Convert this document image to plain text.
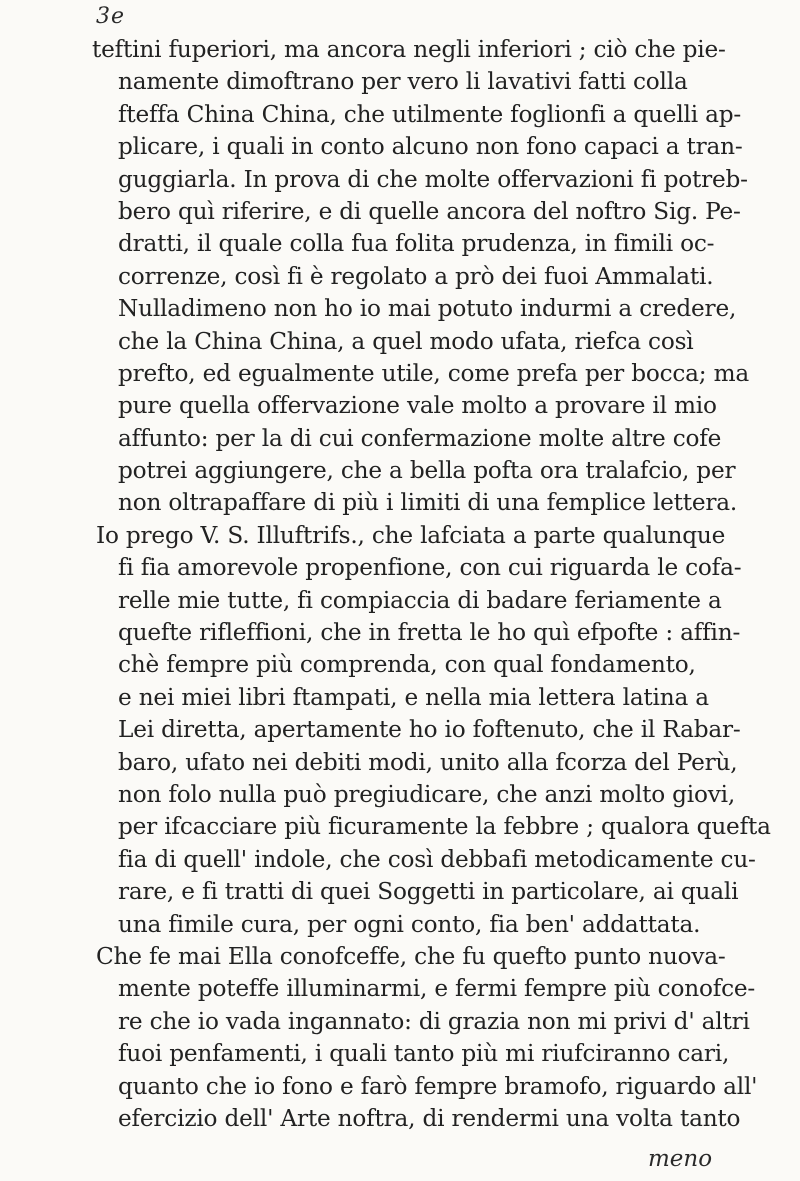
3e
teftini fuperiori, ma ancora negli inferiori ; ciò che pie-
namente dimoftrano per vero li lavativi fatti colla
fteffa China China, che utilmente foglionfi a quelli ap-
plicare, i quali in conto alcuno non fono capaci a tran-
guggiarla. In prova di che molte offervazioni fi potreb-
bero quì riferire, e di quelle ancora del noftro Sig. Pe-
dratti, il quale colla fua folita prudenza, in fimili oc-
correnze, così fi è regolato a prò dei fuoi Ammalati.
Nulladimeno non ho io mai potuto indurmi a credere,
che la China China, a quel modo ufata, riefca così
prefto, ed egualmente utile, come prefa per bocca; ma
pure quella offervazione vale molto a provare il mio
affunto: per la di cui confermazione molte altre cofe
potrei aggiungere, che a bella pofta ora tralafcio, per
non oltrapaffare di più i limiti di una femplice lettera.
Io prego V. S. Illuftrifs., che lafciata a parte qualunque
fi fia amorevole propenfione, con cui riguarda le cofa-
relle mie tutte, fi compiaccia di badare feriamente a
quefte rifleffioni, che in fretta le ho quì efpofte : affin-
chè fempre più comprenda, con qual fondamento,
e nei miei libri ftampati, e nella mia lettera latina a
Lei diretta, apertamente ho io foftenuto, che il Rabar-
baro, ufato nei debiti modi, unito alla fcorza del Perù,
non folo nulla può pregiudicare, che anzi molto giovi,
per ifcacciare più ficuramente la febbre ; qualora quefta
fia di quell' indole, che così debbafi metodicamente cu-
rare, e fi tratti di quei Soggetti in particolare, ai quali
una fimile cura, per ogni conto, fia ben' addattata.
Che fe mai Ella conofceffe, che fu quefto punto nuova-
mente poteffe illuminarmi, e fermi fempre più conofce-
re che io vada ingannato: di grazia non mi privi d' altri
fuoi penfamenti, i quali tanto più mi riufciranno cari,
quanto che io fono e farò fempre bramofo, riguardo all'
efercizio dell' Arte noftra, di rendermi una volta tanto
meno
